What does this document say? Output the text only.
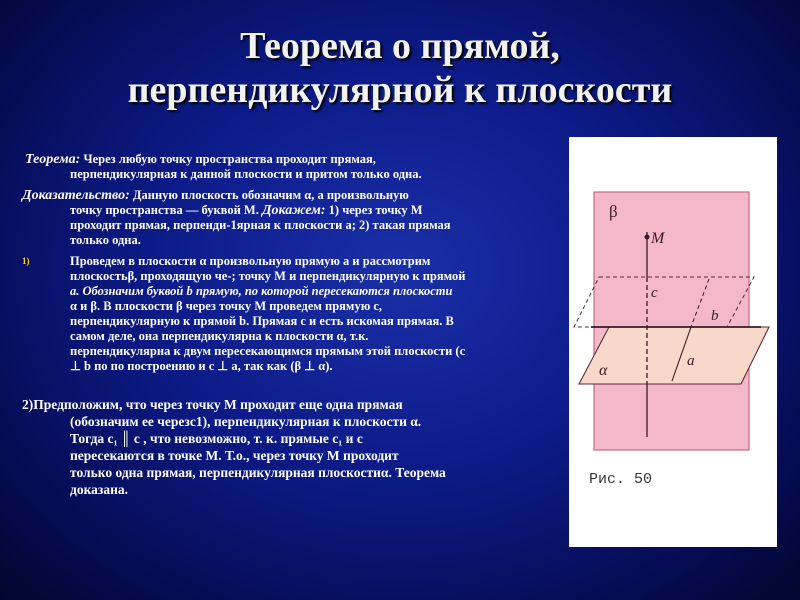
Теорема о прямой,
перпендикулярной к плоскости
Теорема: Через любую точку пространства проходит прямая,
перпендикулярная к данной плоскости и притом только одна.
Доказательство: Данную плоскость обозначим α, а произвольную
точку пространства — буквой М. Докажем: 1) через точку М
проходит прямая, перпенди-1ярная к плоскости а; 2) такая прямая
только одна.
1)	Проведем в плоскости α произвольную прямую а и рассмотрим
плоскостьβ, проходящую че-; точку М и перпендикулярную к прямой
а. Обозначим буквой b прямую, по которой пересекаются плоскости
α и β. В плоскости β через точку М проведем прямую с,
перпендикулярную к прямой b. Прямая с и есть искомая прямая. В
самом деле, она перпендикулярна к плоскости α, т.к.
перпендикулярна к двум пересекающимся прямым этой плоскости (с
⊥ b по по построению и с ⊥ а, так как (β ⊥ α).
2)Предположим, что через точку М проходит еще одна прямая
(обозначим ее черезс1), перпендикулярная к плоскости α.
Тогда с₁ ║ с , что невозможно, т. к. прямые с₁ и с
пересекаются в точке М. Т.о., через точку М проходит
только одна прямая, перпендикулярная плоскостиα. Теорема
доказана.
β
M
c
b
α
a
Рис. 50
